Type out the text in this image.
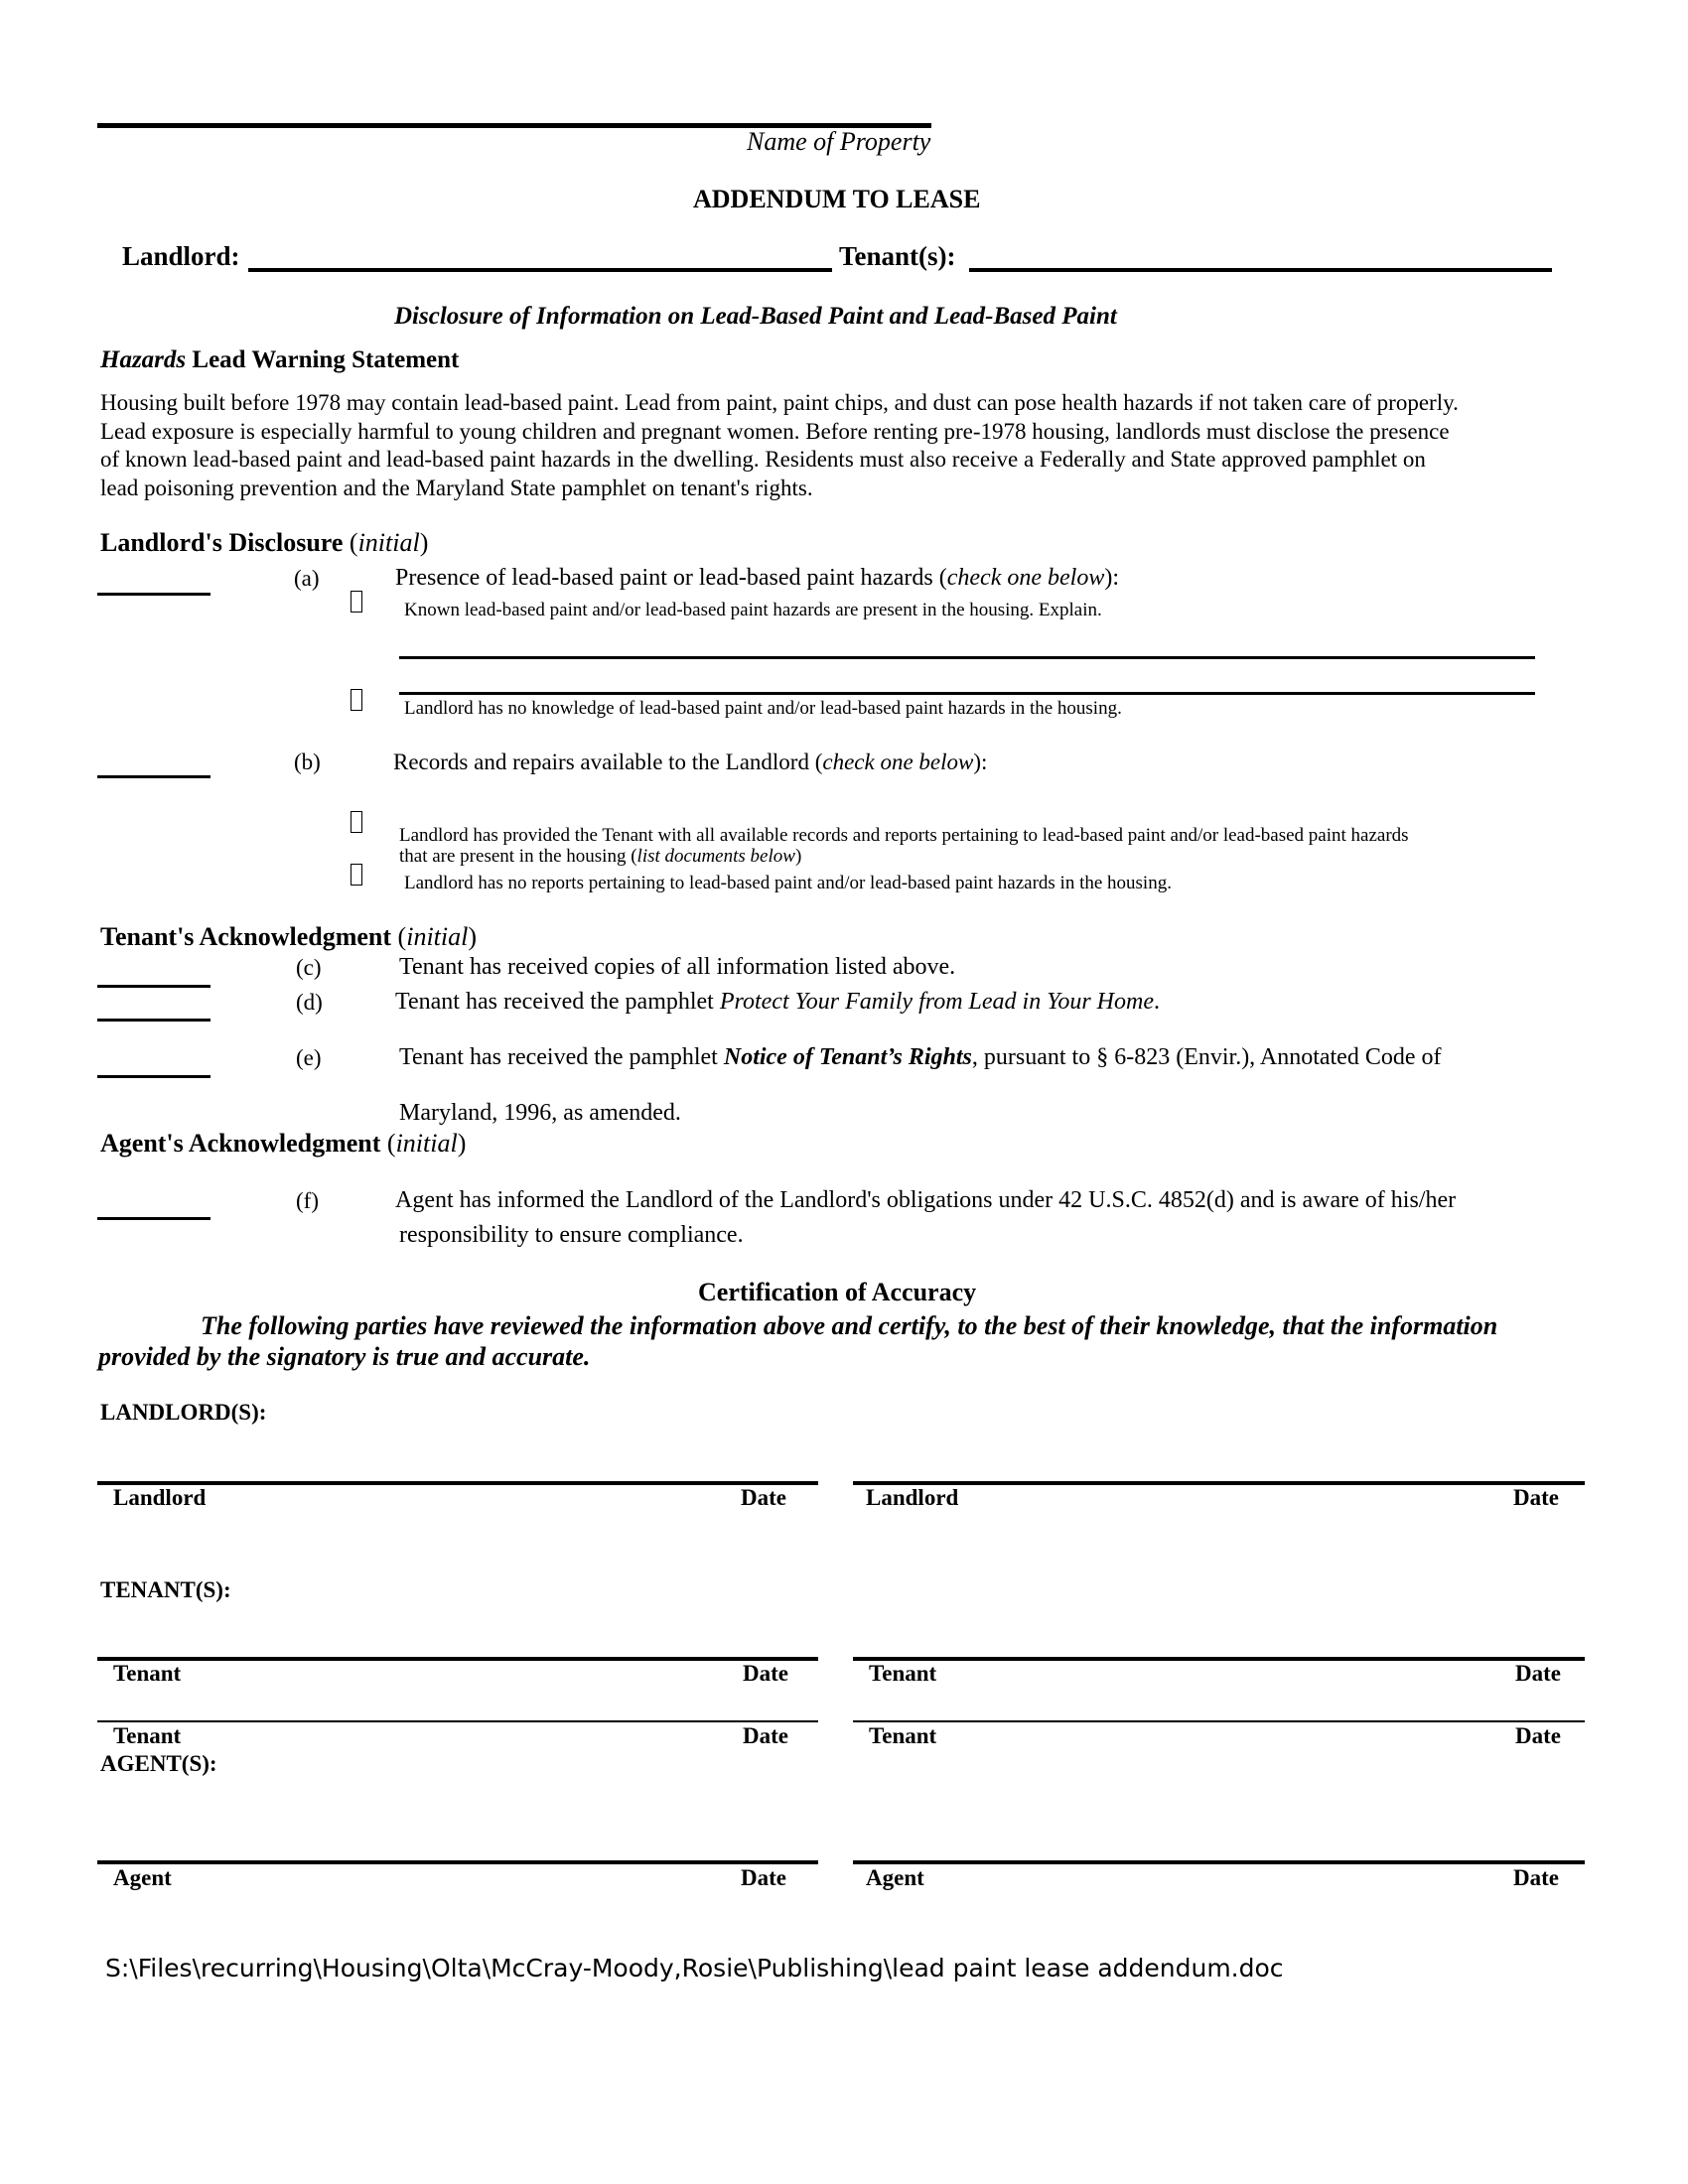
Name of Property
ADDENDUM TO LEASE
Landlord:	Tenant(s):
Disclosure of Information on Lead-Based Paint and Lead-Based Paint
Hazards Lead Warning Statement
Housing built before 1978 may contain lead-based paint. Lead from paint, paint chips, and dust can pose health hazards if not taken care of properly.
Lead exposure is especially harmful to young children and pregnant women. Before renting pre-1978 housing, landlords must disclose the presence
of known lead-based paint and lead-based paint hazards in the dwelling. Residents must also receive a Federally and State approved pamphlet on
lead poisoning prevention and the Maryland State pamphlet on tenant's rights.
Landlord's Disclosure (initial)
(a)	Presence of lead-based paint or lead-based paint hazards (check one below):
Known lead-based paint and/or lead-based paint hazards are present in the housing. Explain.
Landlord has no knowledge of lead-based paint and/or lead-based paint hazards in the housing.
(b)	Records and repairs available to the Landlord (check one below):
Landlord has provided the Tenant with all available records and reports pertaining to lead-based paint and/or lead-based paint hazards
that are present in the housing (list documents below)
Landlord has no reports pertaining to lead-based paint and/or lead-based paint hazards in the housing.
Tenant's Acknowledgment (initial)
(c)	Tenant has received copies of all information listed above.
(d)	Tenant has received the pamphlet Protect Your Family from Lead in Your Home.
(e)	Tenant has received the pamphlet Notice of Tenant’s Rights, pursuant to § 6-823 (Envir.), Annotated Code of
Maryland, 1996, as amended.
Agent's Acknowledgment (initial)
(f)	Agent has informed the Landlord of the Landlord's obligations under 42 U.S.C. 4852(d) and is aware of his/her
responsibility to ensure compliance.
Certification of Accuracy
The following parties have reviewed the information above and certify, to the best of their knowledge, that the information
provided by the signatory is true and accurate.
LANDLORD(S):
Landlord	Date	Landlord	Date
TENANT(S):
Tenant	Date	Tenant	Date
Tenant	Date	Tenant	Date
AGENT(S):
Agent	Date	Agent	Date
S:\Files\recurring\Housing\Olta\McCray-Moody,Rosie\Publishing\lead paint lease addendum.doc
